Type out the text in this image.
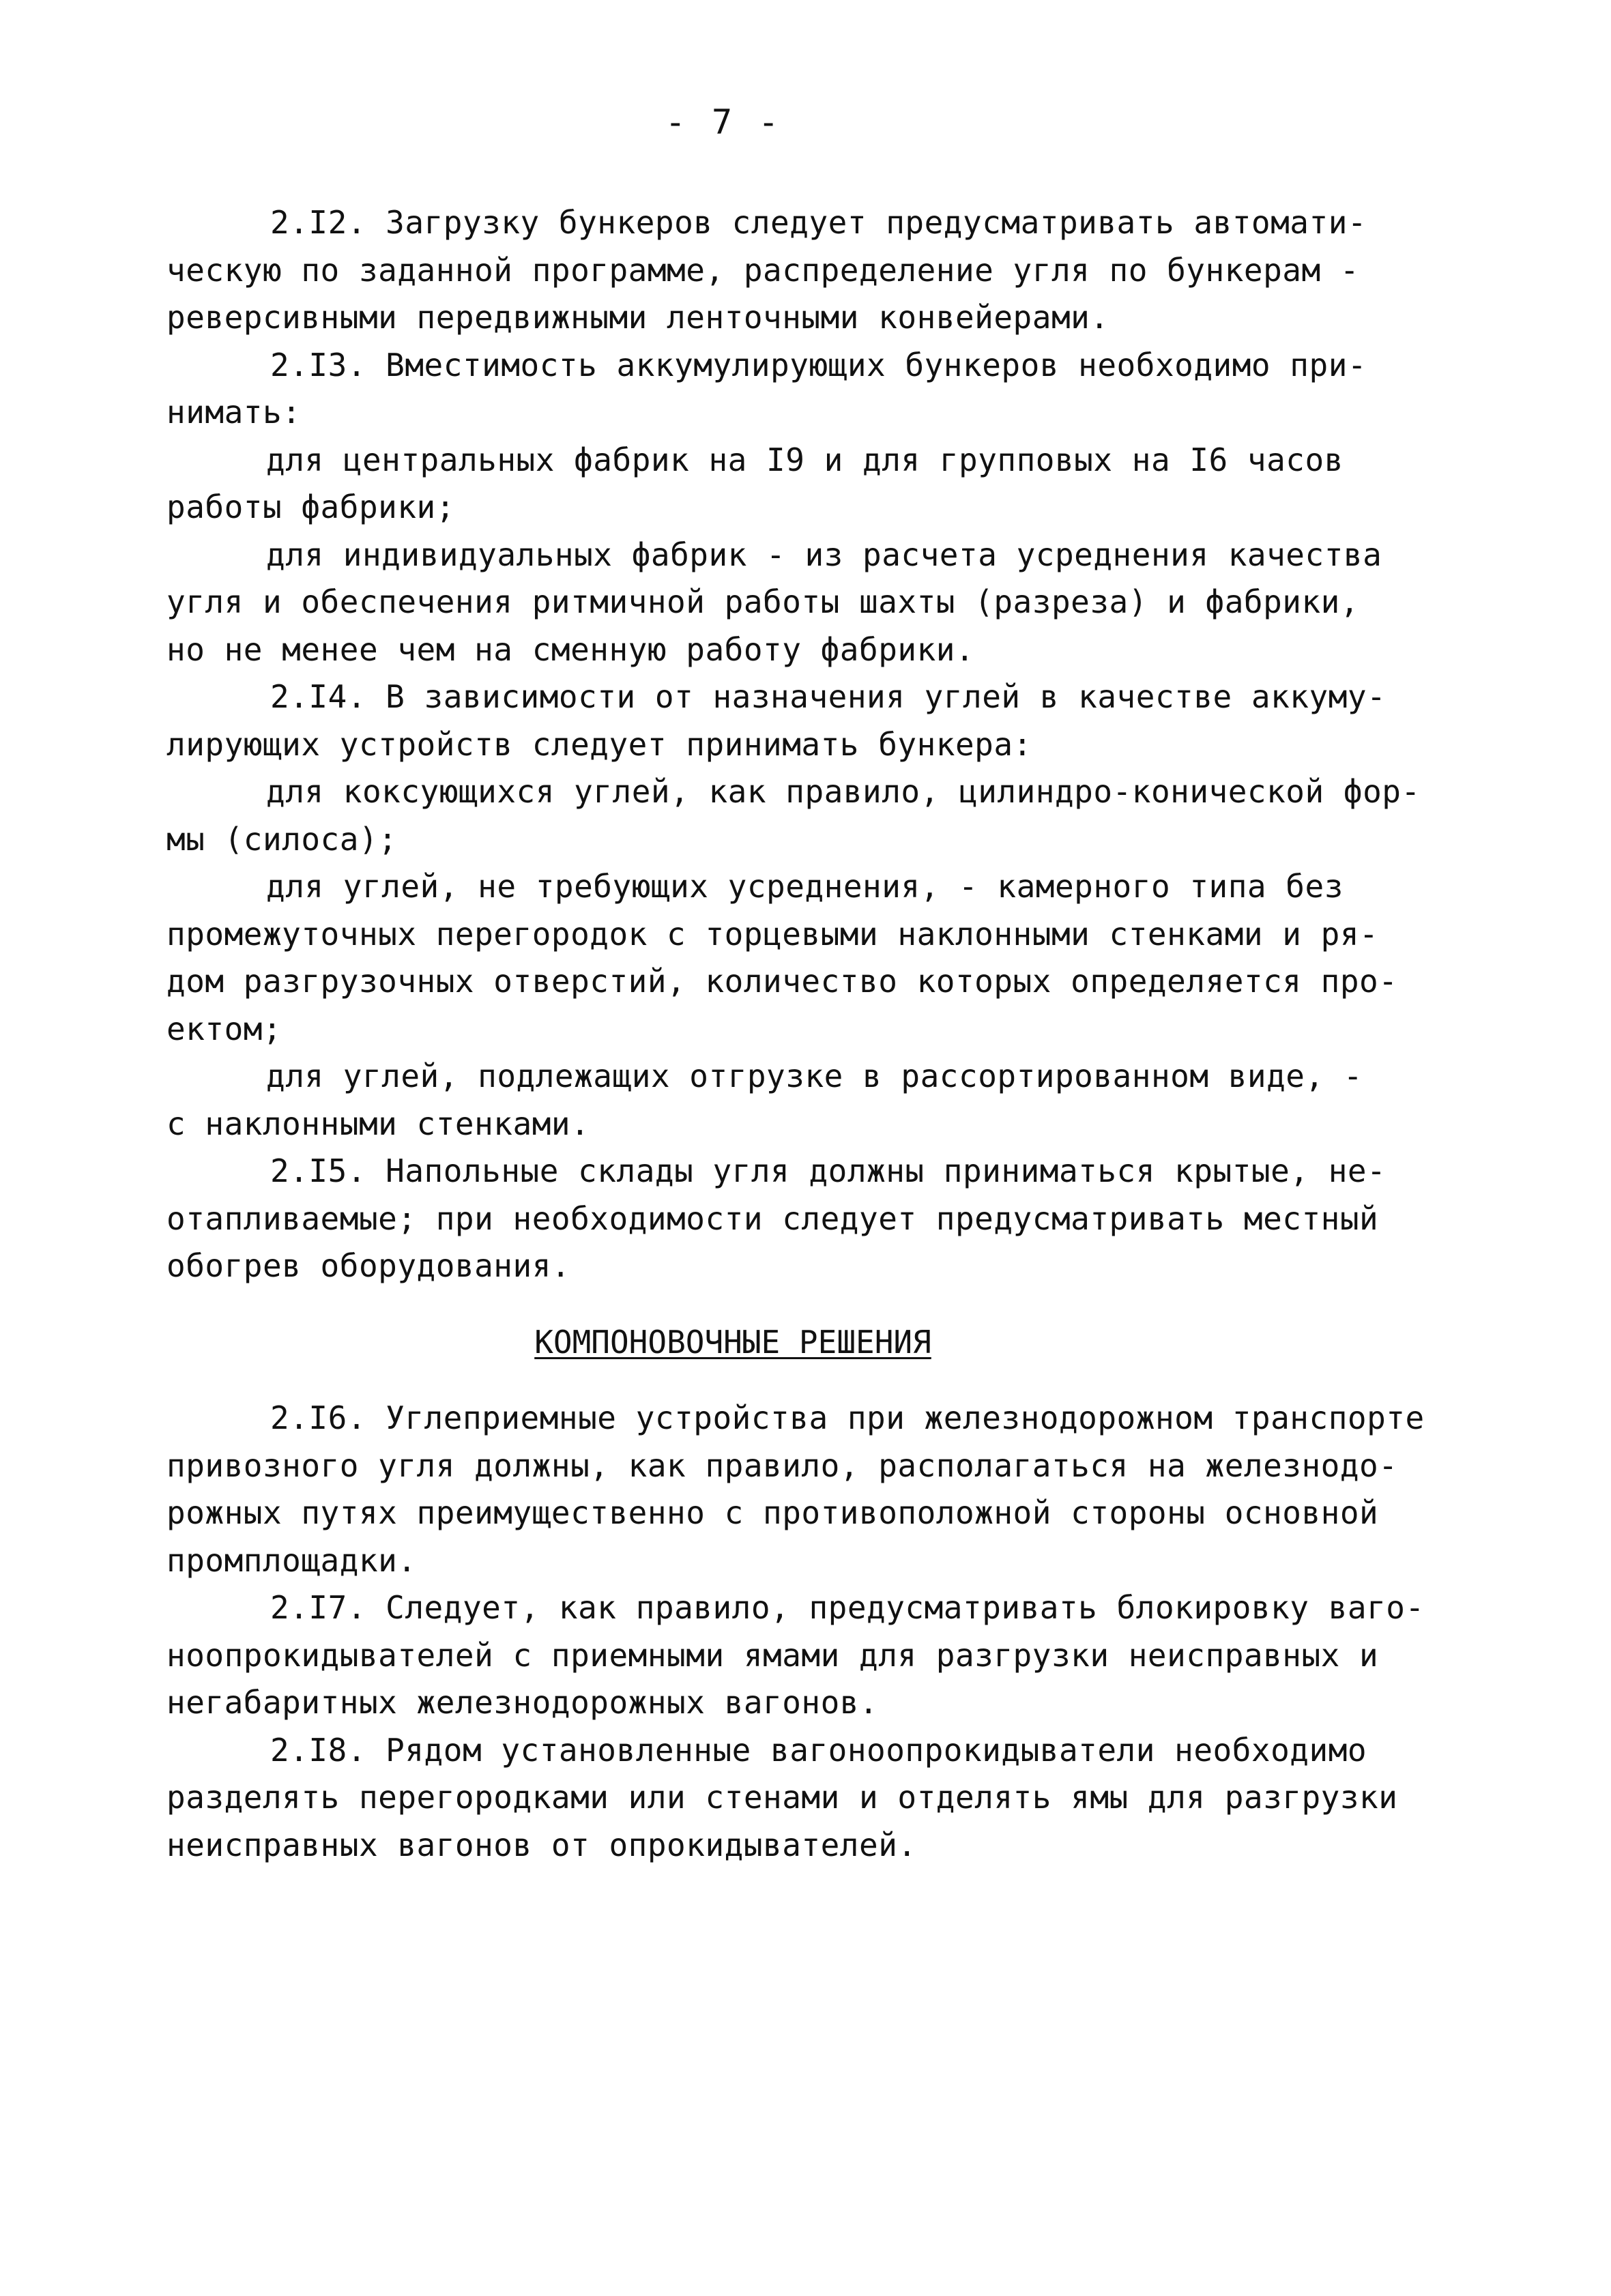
- 7 -
2.I2. Загрузку бункеров следует предусматривать автомати-
ческую по заданной программе, распределение угля по бункерам -
реверсивными передвижными ленточными конвейерами.
2.I3. Вместимость аккумулирующих бункеров необходимо при-
нимать:
для центральных фабрик на I9 и для групповых на I6 часов
работы фабрики;
для индивидуальных фабрик - из расчета усреднения качества
угля и обеспечения ритмичной работы шахты (разреза) и фабрики,
но не менее чем на сменную работу фабрики.
2.I4. В зависимости от назначения углей в качестве аккуму-
лирующих устройств следует принимать бункера:
для коксующихся углей, как правило, цилиндро-конической фор-
мы (силоса);
для углей, не требующих усреднения, - камерного типа без
промежуточных перегородок с торцевыми наклонными стенками и ря-
дом разгрузочных отверстий, количество которых определяется про-
ектом;
для углей, подлежащих отгрузке в рассортированном виде, -
с наклонными стенками.
2.I5. Напольные склады угля должны приниматься крытые, не-
отапливаемые; при необходимости следует предусматривать местный
обогрев оборудования.
КОМПОНОВОЧНЫЕ РЕШЕНИЯ
2.I6. Углеприемные устройства при железнодорожном транспорте
привозного угля должны, как правило, располагаться на железнодо-
рожных путях преимущественно с противоположной стороны основной
промплощадки.
2.I7. Следует, как правило, предусматривать блокировку ваго-
ноопрокидывателей с приемными ямами для разгрузки неисправных и
негабаритных железнодорожных вагонов.
2.I8. Рядом установленные вагоноопрокидыватели необходимо
разделять перегородками или стенами и отделять ямы для разгрузки
неисправных вагонов от опрокидывателей.
